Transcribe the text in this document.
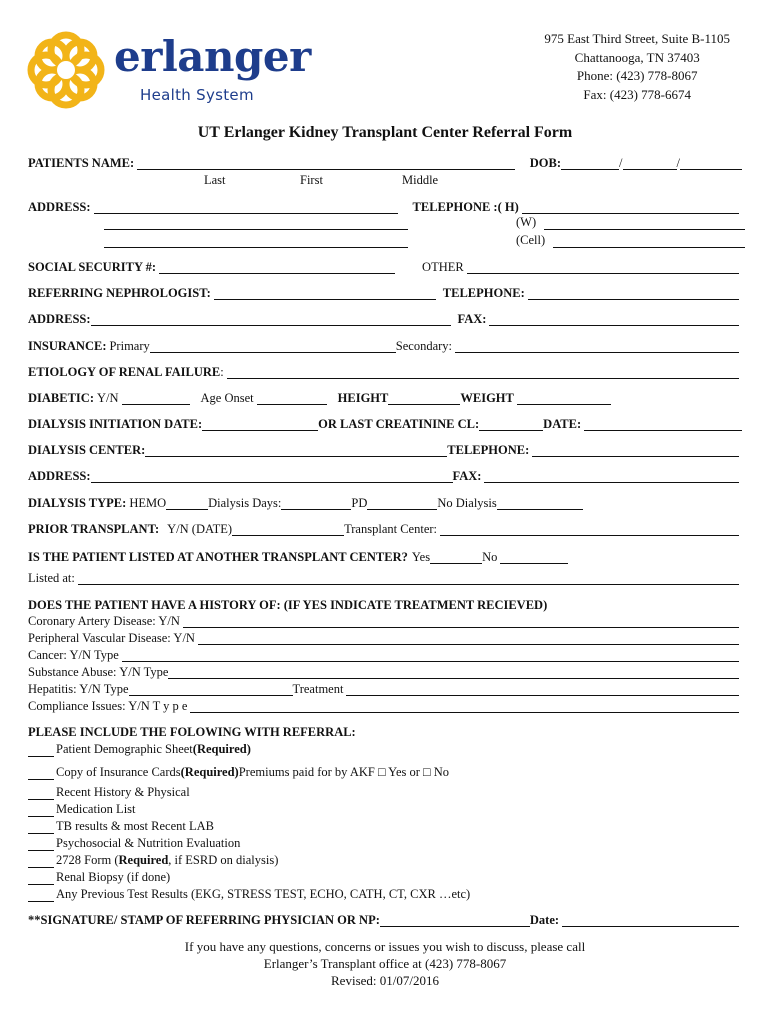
erlanger
Health System
975 East Third Street, Suite B-1105
Chattanooga, TN 37403
Phone: (423) 778-8067
Fax: (423) 778-6674
UT Erlanger Kidney Transplant Center Referral Form
PATIENTS NAME:	DOB:	/	/
Last	First	Middle
ADDRESS:	TELEPHONE :( H)
(W)
(Cell)
SOCIAL SECURITY #:	OTHER
REFERRING NEPHROLOGIST:	TELEPHONE:
ADDRESS:	FAX:
INSURANCE: Primary	Secondary:
ETIOLOGY OF RENAL FAILURE :
DIABETIC: Y/N	Age Onset	HEIGHT	WEIGHT
DIALYSIS INITIATION DATE:	OR LAST CREATININE CL:	DATE:
DIALYSIS CENTER:	TELEPHONE:
ADDRESS:	FAX:
DIALYSIS TYPE: HEMO	Dialysis Days:	PD	No Dialysis
PRIOR TRANSPLANT: Y/N (DATE)	Transplant Center:
IS THE PATIENT LISTED AT ANOTHER TRANSPLANT CENTER? Yes	No
Listed at:
DOES THE PATIENT HAVE A HISTORY OF: (IF YES INDICATE TREATMENT RECIEVED)
Coronary Artery Disease: Y/N
Peripheral Vascular Disease: Y/N
Cancer: Y/N Type
Substance Abuse: Y/N Type
Hepatitis: Y/N Type	Treatment
Compliance Issues: Y/N T y p e
PLEASE INCLUDE THE FOLOWING WITH REFERRAL:
Patient Demographic Sheet (Required)
Copy of Insurance Cards (Required) Premiums paid for by AKF □ Yes or □ No
Recent History & Physical
Medication List
TB results & most Recent LAB
Psychosocial & Nutrition Evaluation
2728 Form ( Required , if ESRD on dialysis)
Renal Biopsy (if done)
Any Previous Test Results (EKG, STRESS TEST, ECHO, CATH, CT, CXR …etc)
**SIGNATURE/ STAMP OF REFERRING PHYSICIAN OR NP:	Date:
If you have any questions, concerns or issues you wish to discuss, please call
Erlanger’s Transplant office at (423) 778-8067
Revised: 01/07/2016
